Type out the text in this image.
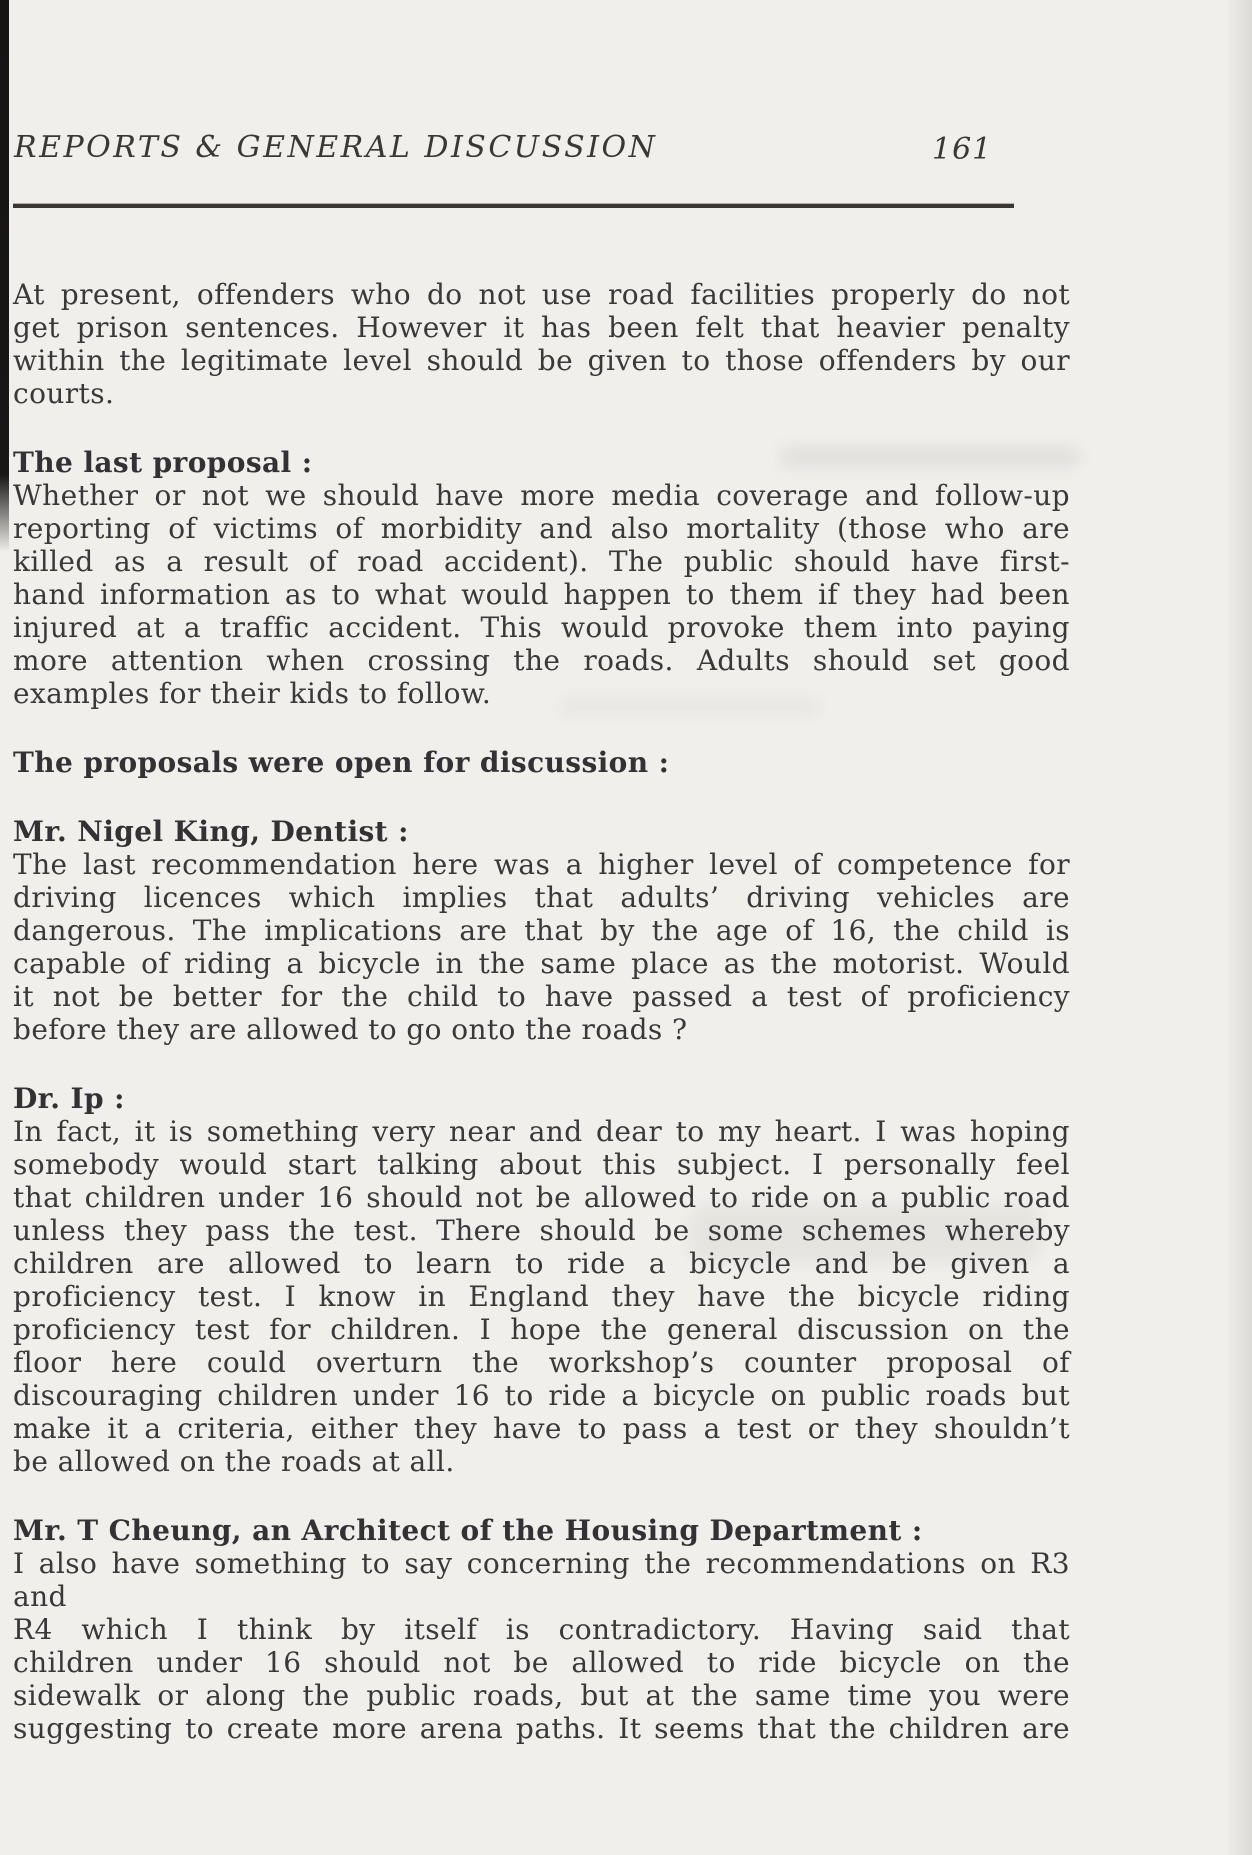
REPORTS & GENERAL DISCUSSION	161

At present, offenders who do not use road facilities properly do not

get prison sentences. However it has been felt that heavier penalty

within the legitimate level should be given to those offenders by our

courts.

The last proposal :

Whether or not we should have more media coverage and follow-up

reporting of victims of morbidity and also mortality (those who are

killed as a result of road accident). The public should have first-

hand information as to what would happen to them if they had been

injured at a traffic accident. This would provoke them into paying

more attention when crossing the roads. Adults should set good

examples for their kids to follow.

The proposals were open for discussion :

Mr. Nigel King, Dentist :

The last recommendation here was a higher level of competence for

driving licences which implies that adults’ driving vehicles are

dangerous. The implications are that by the age of 16, the child is

capable of riding a bicycle in the same place as the motorist. Would

it not be better for the child to have passed a test of proficiency

before they are allowed to go onto the roads ?

Dr. Ip :

In fact, it is something very near and dear to my heart. I was hoping

somebody would start talking about this subject. I personally feel

that children under 16 should not be allowed to ride on a public road

unless they pass the test. There should be some schemes whereby

children are allowed to learn to ride a bicycle and be given a

proficiency test. I know in England they have the bicycle riding

proficiency test for children. I hope the general discussion on the

floor here could overturn the workshop’s counter proposal of

discouraging children under 16 to ride a bicycle on public roads but

make it a criteria, either they have to pass a test or they shouldn’t

be allowed on the roads at all.

Mr. T Cheung, an Architect of the Housing Department :

I also have something to say concerning the recommendations on R3 and

R4 which I think by itself is contradictory. Having said that

children under 16 should not be allowed to ride bicycle on the

sidewalk or along the public roads, but at the same time you were

suggesting to create more arena paths. It seems that the children are
